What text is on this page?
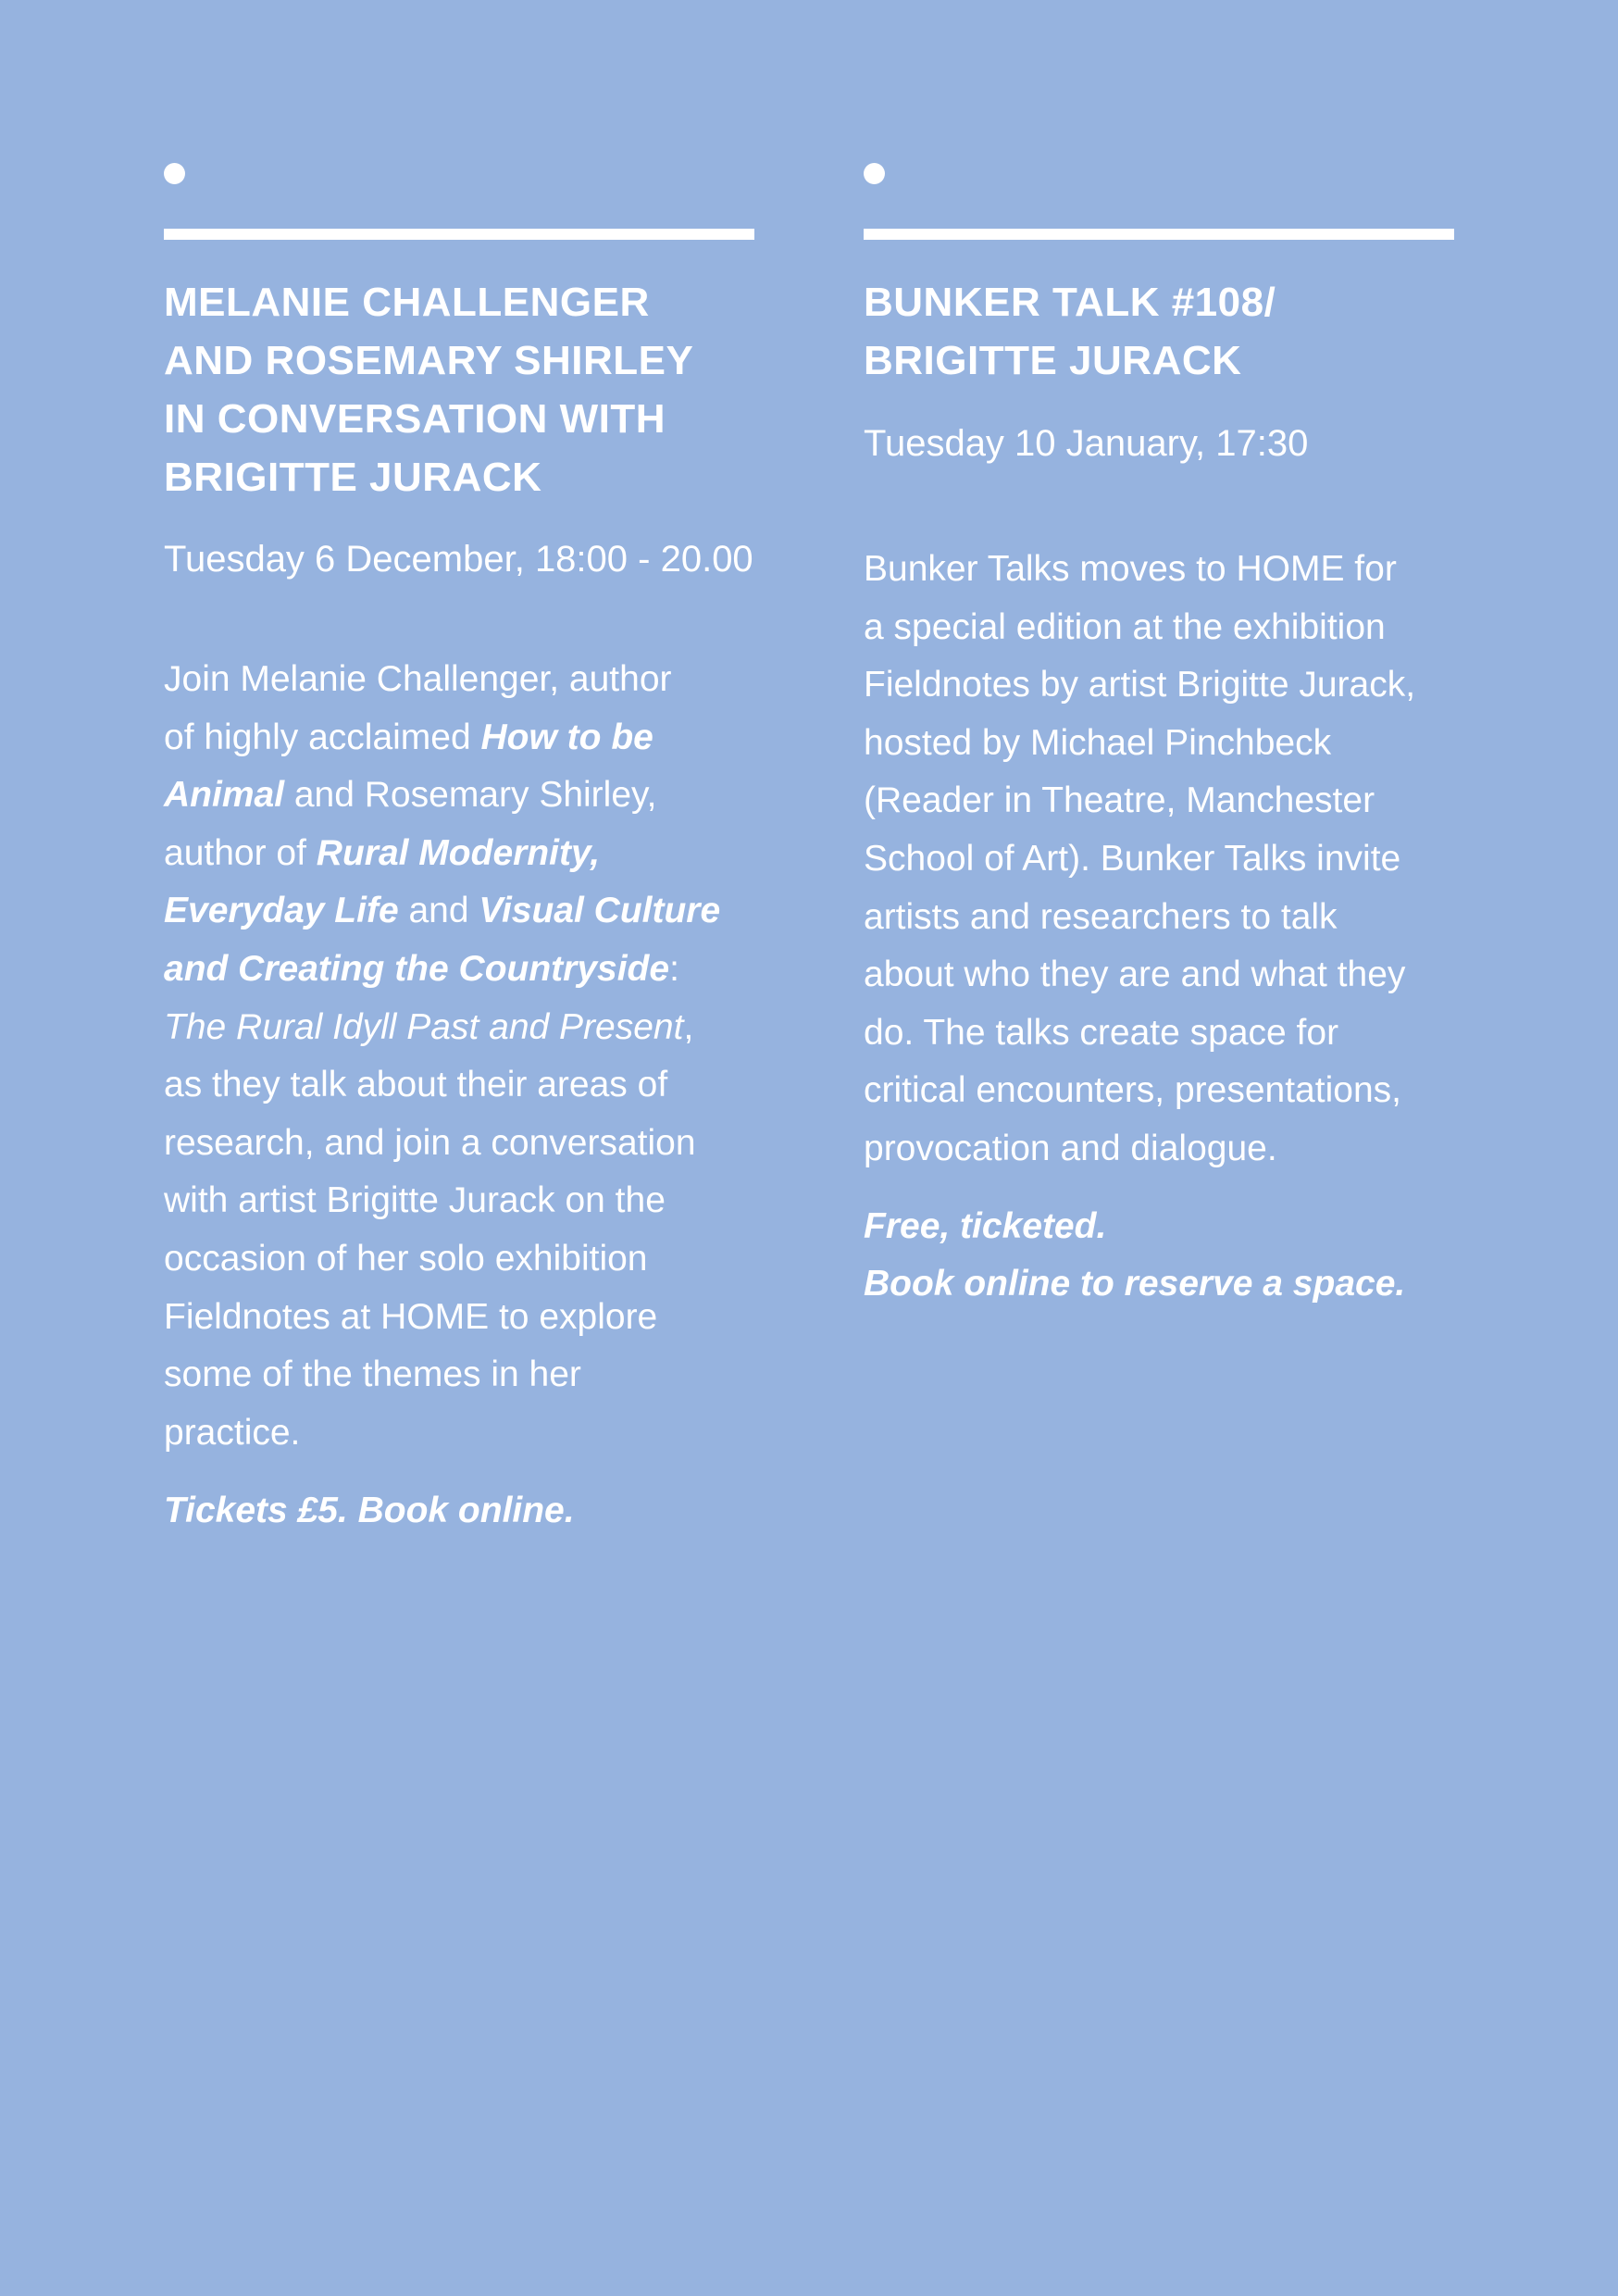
MELANIE CHALLENGER
AND ROSEMARY SHIRLEY
IN CONVERSATION WITH
BRIGITTE JURACK

Tuesday 6 December, 18:00 - 20.00

Join Melanie Challenger, author
of highly acclaimed How to be
Animal and Rosemary Shirley,
author of Rural Modernity,
Everyday Life and Visual Culture
and Creating the Countryside:
The Rural Idyll Past and Present,
as they talk about their areas of
research, and join a conversation
with artist Brigitte Jurack on the
occasion of her solo exhibition
Fieldnotes at HOME to explore
some of the themes in her
practice.

Tickets £5. Book online.

BUNKER TALK #108/
BRIGITTE JURACK

Tuesday 10 January, 17:30

Bunker Talks moves to HOME for
a special edition at the exhibition
Fieldnotes by artist Brigitte Jurack,
hosted by Michael Pinchbeck
(Reader in Theatre, Manchester
School of Art). Bunker Talks invite
artists and researchers to talk
about who they are and what they
do. The talks create space for
critical encounters, presentations,
provocation and dialogue.

Free, ticketed.
Book online to reserve a space.
